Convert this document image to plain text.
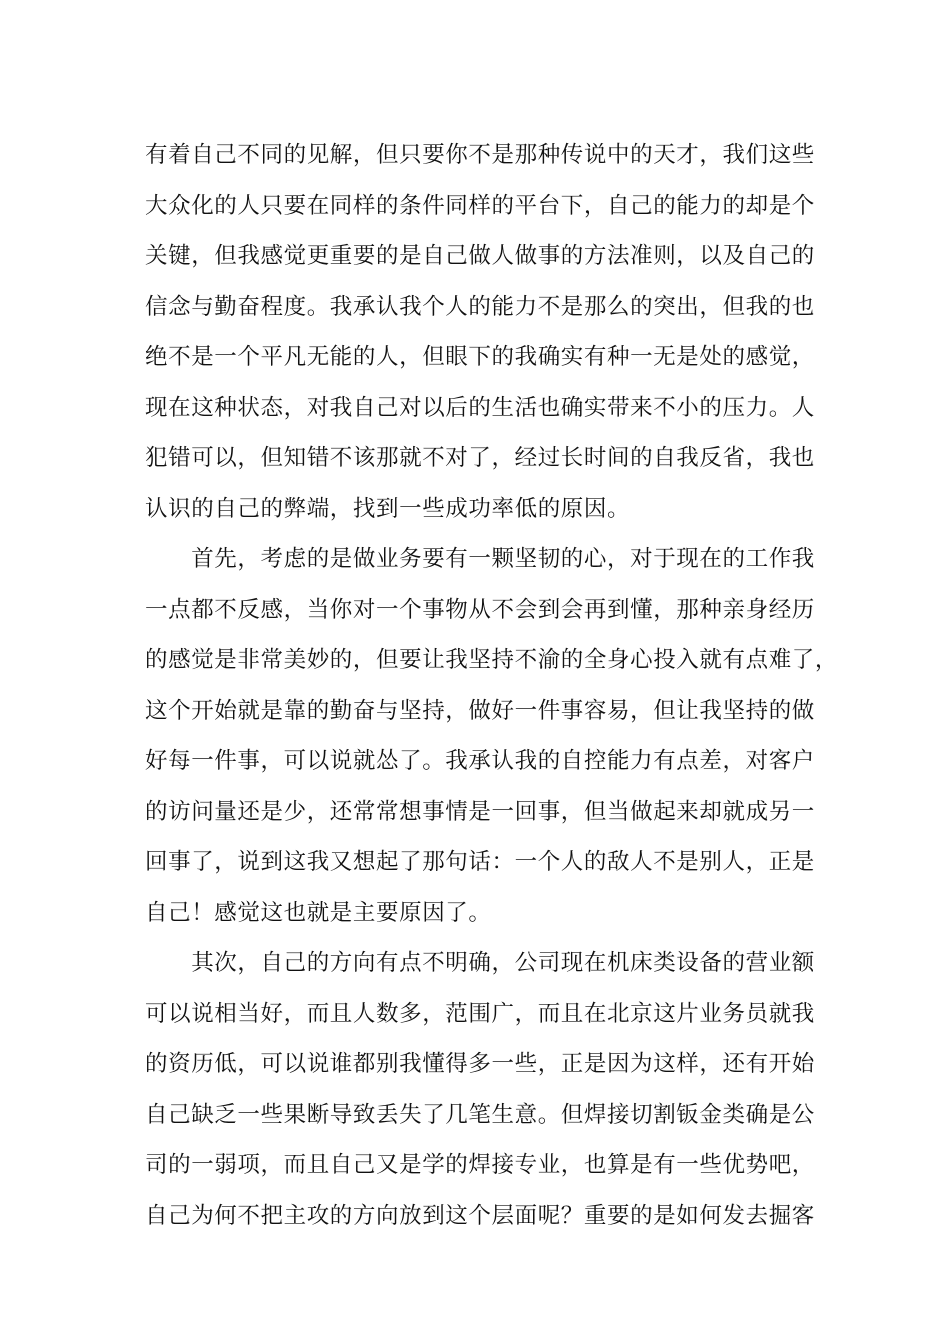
有着自己不同的见解，但只要你不是那种传说中的天才，我们这些
大众化的人只要在同样的条件同样的平台下，自己的能力的却是个
关键，但我感觉更重要的是自己做人做事的方法准则，以及自己的
信念与勤奋程度。我承认我个人的能力不是那么的突出，但我的也
绝不是一个平凡无能的人，但眼下的我确实有种一无是处的感觉，
现在这种状态，对我自己对以后的生活也确实带来不小的压力。人
犯错可以，但知错不该那就不对了，经过长时间的自我反省，我也
认识的自己的弊端，找到一些成功率低的原因。
　　首先，考虑的是做业务要有一颗坚韧的心，对于现在的工作我
一点都不反感，当你对一个事物从不会到会再到懂，那种亲身经历
的感觉是非常美妙的，但要让我坚持不渝的全身心投入就有点难了，
这个开始就是靠的勤奋与坚持，做好一件事容易，但让我坚持的做
好每一件事，可以说就怂了。我承认我的自控能力有点差，对客户
的访问量还是少，还常常想事情是一回事，但当做起来却就成另一
回事了，说到这我又想起了那句话：一个人的敌人不是别人，正是
自己！感觉这也就是主要原因了。
　　其次，自己的方向有点不明确，公司现在机床类设备的营业额
可以说相当好，而且人数多，范围广，而且在北京这片业务员就我
的资历低，可以说谁都别我懂得多一些，正是因为这样，还有开始
自己缺乏一些果断导致丢失了几笔生意。但焊接切割钣金类确是公
司的一弱项，而且自己又是学的焊接专业，也算是有一些优势吧，
自己为何不把主攻的方向放到这个层面呢？重要的是如何发去掘客
